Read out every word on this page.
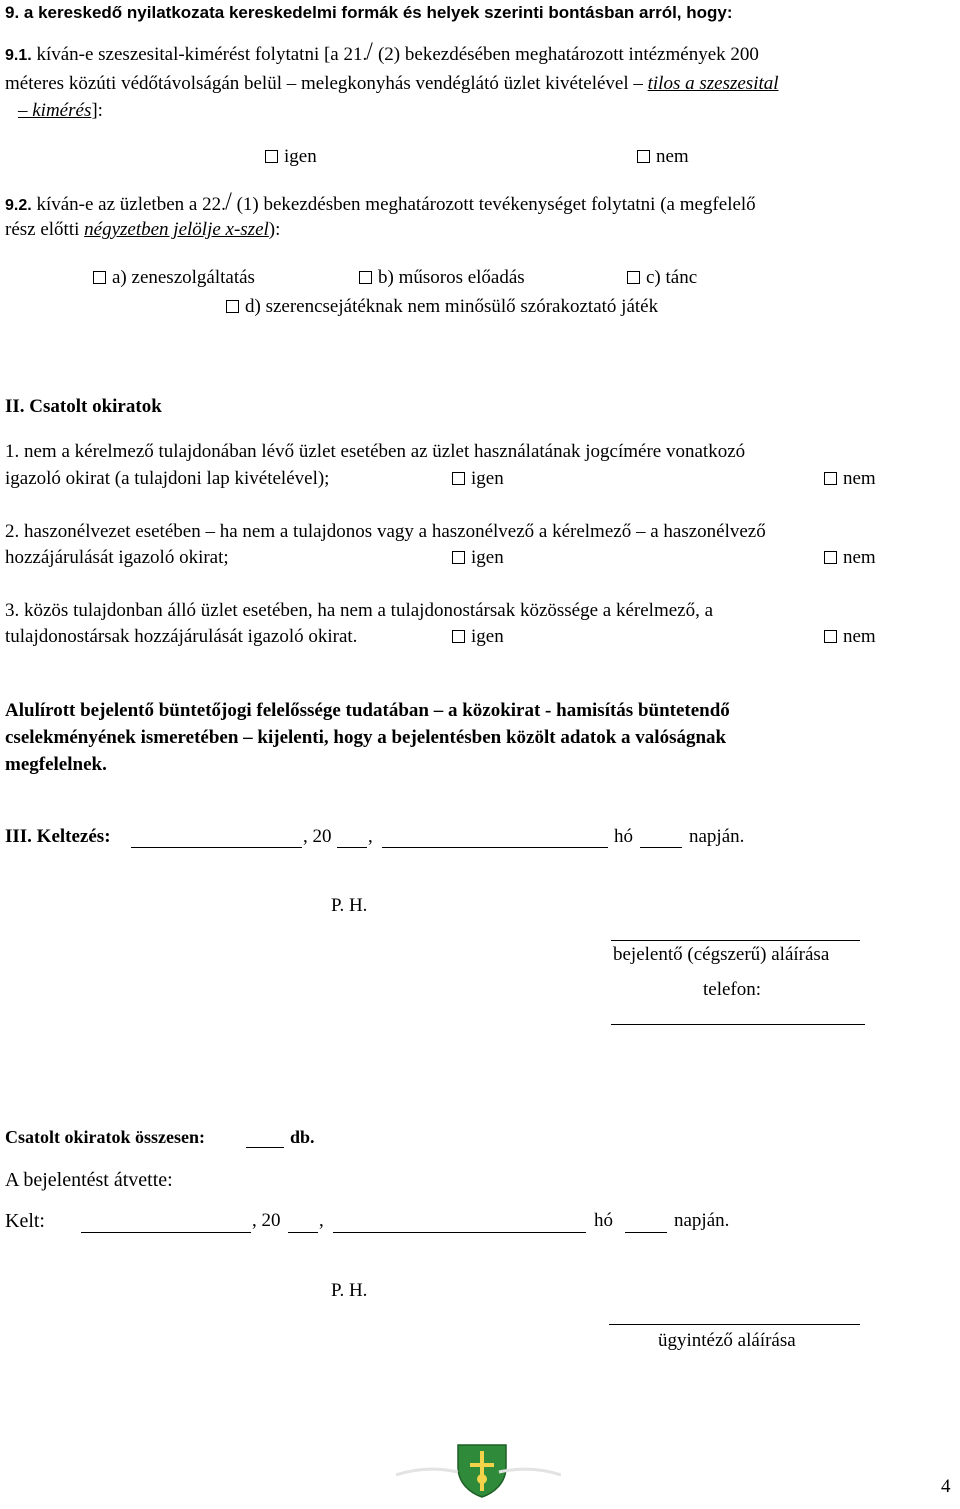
9. a kereskedő nyilatkozata kereskedelmi formák és helyek szerinti bontásban arról, hogy:
9.1. kíván-e szeszesital-kimérést folytatni [a 21. (2) bekezdésében meghatározott intézmények 200
méteres közúti védőtávolságán belül – melegkonyhás vendéglátó üzlet kivételével – tilos a szeszesital
– kimérés]:
igen	nem
9.2. kíván-e az üzletben a 22. (1) bekezdésben meghatározott tevékenységet folytatni (a megfelelő
rész előtti négyzetben jelölje x-szel):
a) zeneszolgáltatás	b) műsoros előadás	c) tánc
d) szerencsejátéknak nem minősülő szórakoztató játék
II. Csatolt okiratok
1. nem a kérelmező tulajdonában lévő üzlet esetében az üzlet használatának jogcímére vonatkozó
igazoló okirat (a tulajdoni lap kivételével);	igen	nem
2. haszonélvezet esetében – ha nem a tulajdonos vagy a haszonélvező a kérelmező – a haszonélvező
hozzájárulását igazoló okirat;	igen	nem
3. közös tulajdonban álló üzlet esetében, ha nem a tulajdonostársak közössége a kérelmező, a
tulajdonostársak hozzájárulását igazoló okirat.	igen	nem
Alulírott bejelentő büntetőjogi felelőssége tudatában – a közokirat - hamisítás büntetendő
cselekményének ismeretében – kijelenti, hogy a bejelentésben közölt adatok a valóságnak
megfelelnek.
III. Keltezés:	, 20 ,	hó	napján.
P. H.
bejelentő (cégszerű) aláírása
telefon:
Csatolt okiratok összesen:	db.
A bejelentést átvette:
Kelt:	, 20 ,	hó	napján.
P. H.
ügyintéző aláírása
4
